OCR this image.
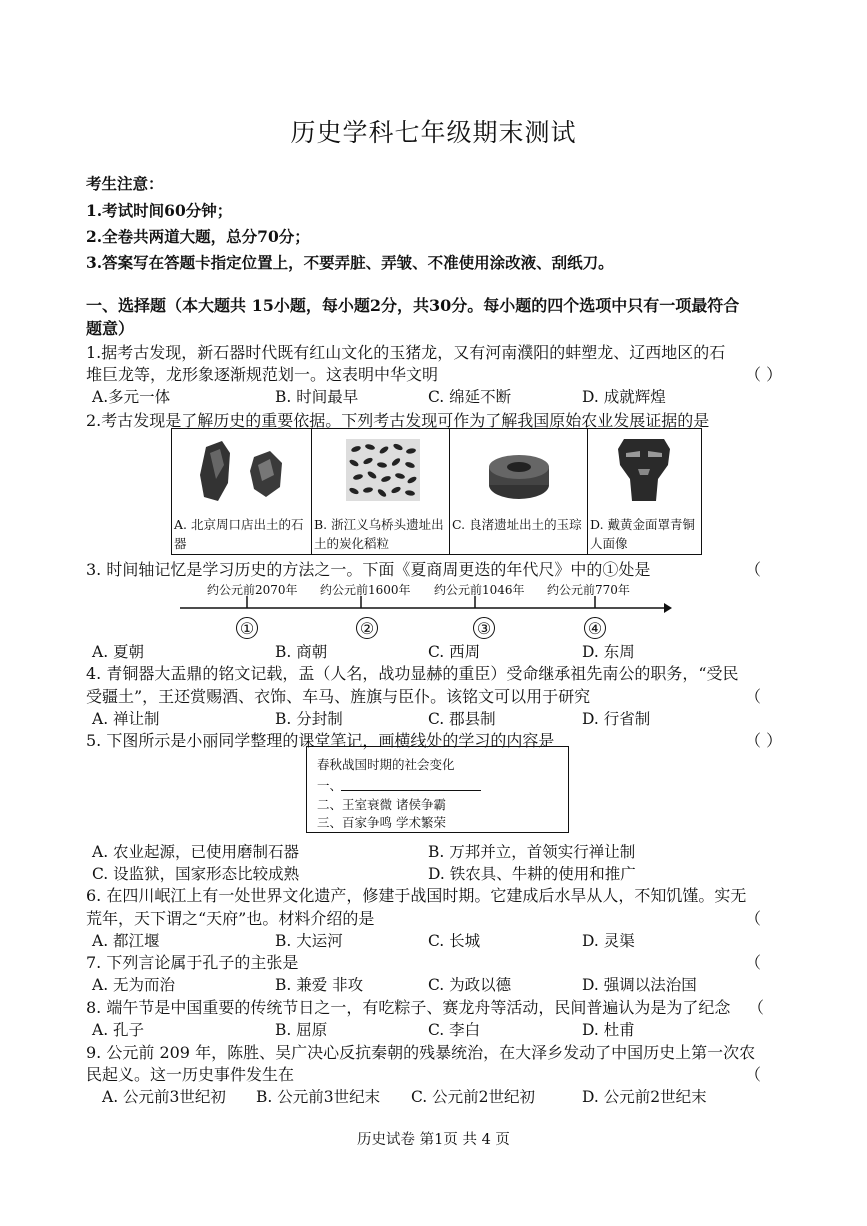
历史学科七年级期末测试
考生注意：
1.考试时间60分钟；
2.全卷共两道大题，总分70分；
3.答案写在答题卡指定位置上，不要弄脏、弄皱、不准使用涂改液、刮纸刀。
一、选择题（本大题共 15小题，每小题2分，共30分。每小题的四个选项中只有一项最符合
题意）
1.据考古发现，新石器时代既有红山文化的玉猪龙，又有河南濮阳的蚌塑龙、辽西地区的石
堆巨龙等，龙形象逐渐规范划一。这表明中华文明	（ ）
A.多元一体	B. 时间最早	C. 绵延不断	D. 成就辉煌
2.考古发现是了解历史的重要依据。下列考古发现可作为了解我国原始农业发展证据的是
A. 北京周口店出土的石器
B. 浙江义乌桥头遗址出土的炭化稻粒
C. 良渚遗址出土的玉琮 D. 戴黄金面罩青铜人面像
3. 时间轴记忆是学习历史的方法之一。下面《夏商周更迭的年代尺》中的①处是	（
约公元前2070年 约公元前1600年 约公元前1046年 约公元前770年
①	②	③	④
A. 夏朝	B. 商朝	C. 西周	D. 东周
4. 青铜器大盂鼎的铭文记载，盂（人名，战功显赫的重臣）受命继承祖先南公的职务，“受民
受疆土”，王还赏赐酒、衣饰、车马、旌旗与臣仆。该铭文可以用于研究	（
A. 禅让制	B. 分封制	C. 郡县制	D. 行省制
5. 下图所示是小丽同学整理的课堂笔记，画横线处的学习的内容是	（ ）
春秋战国时期的社会变化
一、
二、王室衰微 诸侯争霸
三、百家争鸣 学术繁荣
A. 农业起源，已使用磨制石器	B. 万邦并立，首领实行禅让制
C. 设监狱，国家形态比较成熟	D. 铁农具、牛耕的使用和推广
6. 在四川岷江上有一处世界文化遗产，修建于战国时期。它建成后水旱从人，不知饥馑。实无
荒年，天下谓之“天府”也。材料介绍的是	（
A. 都江堰	B. 大运河	C. 长城	D. 灵渠
7. 下列言论属于孔子的主张是	（
A. 无为而治	B. 兼爱 非攻	C. 为政以德	D. 强调以法治国
8. 端午节是中国重要的传统节日之一，有吃粽子、赛龙舟等活动，民间普遍认为是为了纪念 （
A. 孔子	B. 屈原	C. 李白	D. 杜甫
9. 公元前 209 年，陈胜、吴广决心反抗秦朝的残暴统治，在大泽乡发动了中国历史上第一次农
民起义。这一历史事件发生在	（
A. 公元前3世纪初 B. 公元前3世纪末 C. 公元前2世纪初	D. 公元前2世纪末
历史试卷 第1页 共 4 页
